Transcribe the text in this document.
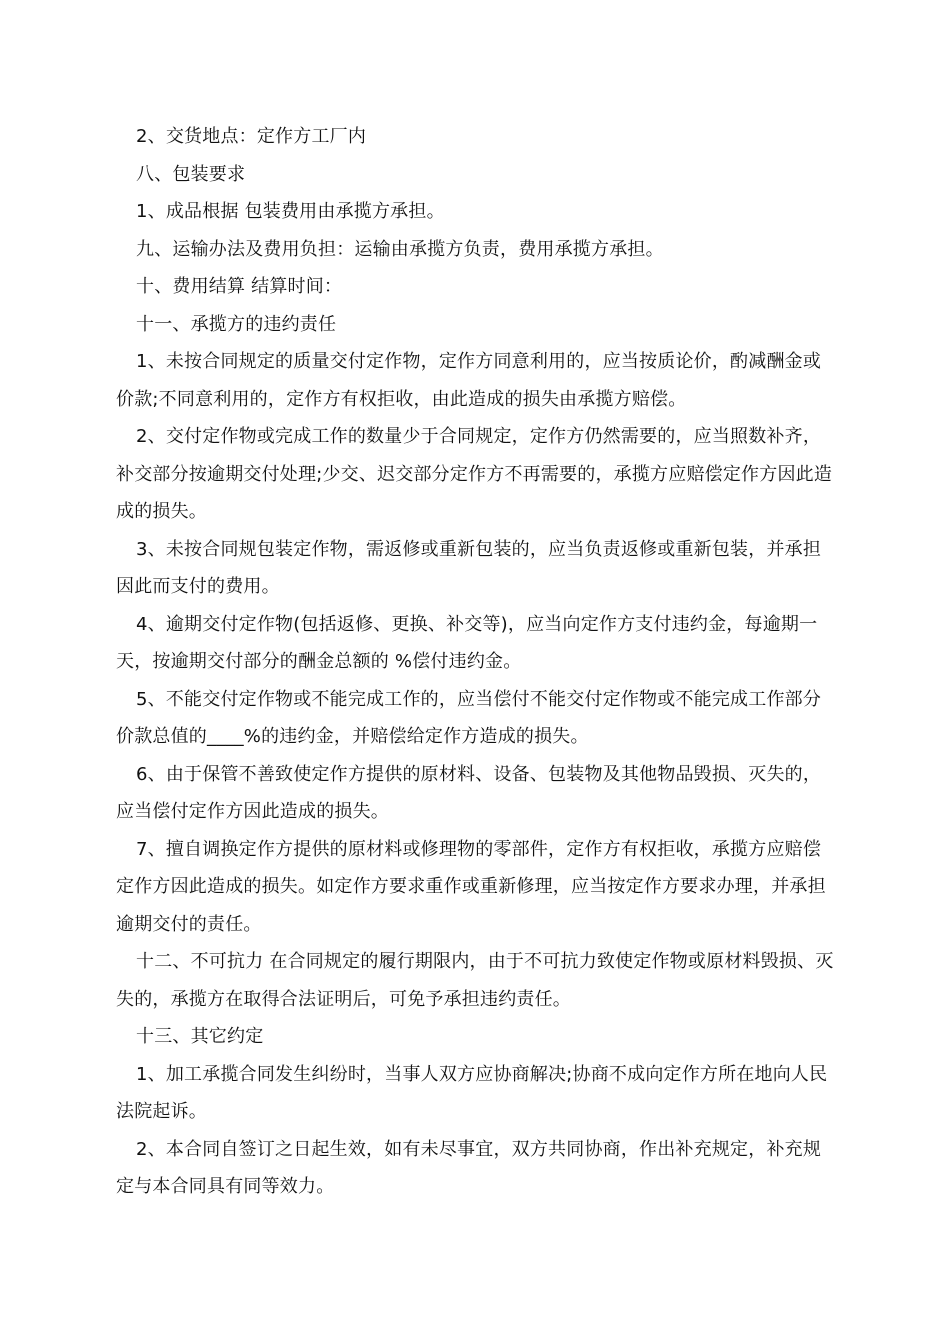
2、交货地点：定作方工厂内

八、包装要求

1、成品根据 包装费用由承揽方承担。

九、运输办法及费用负担：运输由承揽方负责，费用承揽方承担。

十、费用结算 结算时间：

十一、承揽方的违约责任

1、未按合同规定的质量交付定作物，定作方同意利用的，应当按质论价，酌减酬金或价款;不同意利用的，定作方有权拒收，由此造成的损失由承揽方赔偿。

2、交付定作物或完成工作的数量少于合同规定，定作方仍然需要的，应当照数补齐，补交部分按逾期交付处理;少交、迟交部分定作方不再需要的，承揽方应赔偿定作方因此造成的损失。

3、未按合同规包装定作物，需返修或重新包装的，应当负责返修或重新包装，并承担因此而支付的费用。

4、逾期交付定作物(包括返修、更换、补交等)，应当向定作方支付违约金，每逾期一天，按逾期交付部分的酬金总额的 %偿付违约金。

5、不能交付定作物或不能完成工作的，应当偿付不能交付定作物或不能完成工作部分价款总值的____%的违约金，并赔偿给定作方造成的损失。

6、由于保管不善致使定作方提供的原材料、设备、包装物及其他物品毁损、灭失的，应当偿付定作方因此造成的损失。

7、擅自调换定作方提供的原材料或修理物的零部件，定作方有权拒收，承揽方应赔偿定作方因此造成的损失。如定作方要求重作或重新修理，应当按定作方要求办理，并承担逾期交付的责任。

十二、不可抗力 在合同规定的履行期限内，由于不可抗力致使定作物或原材料毁损、灭失的，承揽方在取得合法证明后，可免予承担违约责任。

十三、其它约定

1、加工承揽合同发生纠纷时，当事人双方应协商解决;协商不成向定作方所在地向人民法院起诉。

2、本合同自签订之日起生效，如有未尽事宜，双方共同协商，作出补充规定，补充规定与本合同具有同等效力。
